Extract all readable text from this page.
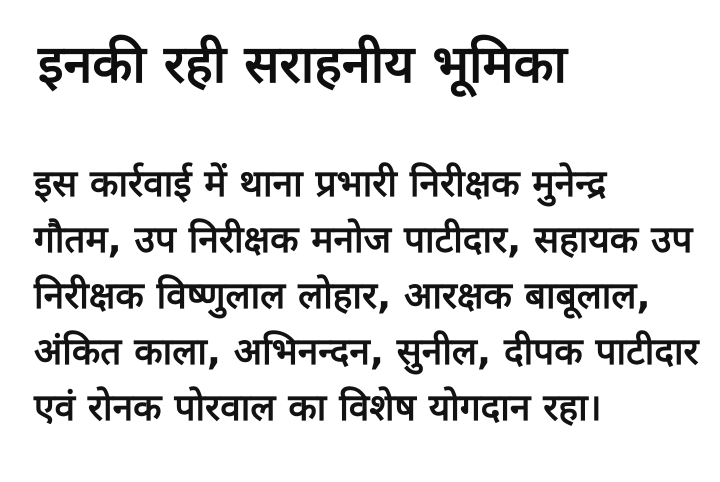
इनकी रही सराहनीय भूमिका

इस कार्रवाई में थाना प्रभारी निरीक्षक मुनेन्द्र
गौतम, उप निरीक्षक मनोज पाटीदार, सहायक उप
निरीक्षक विष्णुलाल लोहार, आरक्षक बाबूलाल,
अंकित काला, अभिनन्दन, सुनील, दीपक पाटीदार
एवं रोनक पोरवाल का विशेष योगदान रहा।
